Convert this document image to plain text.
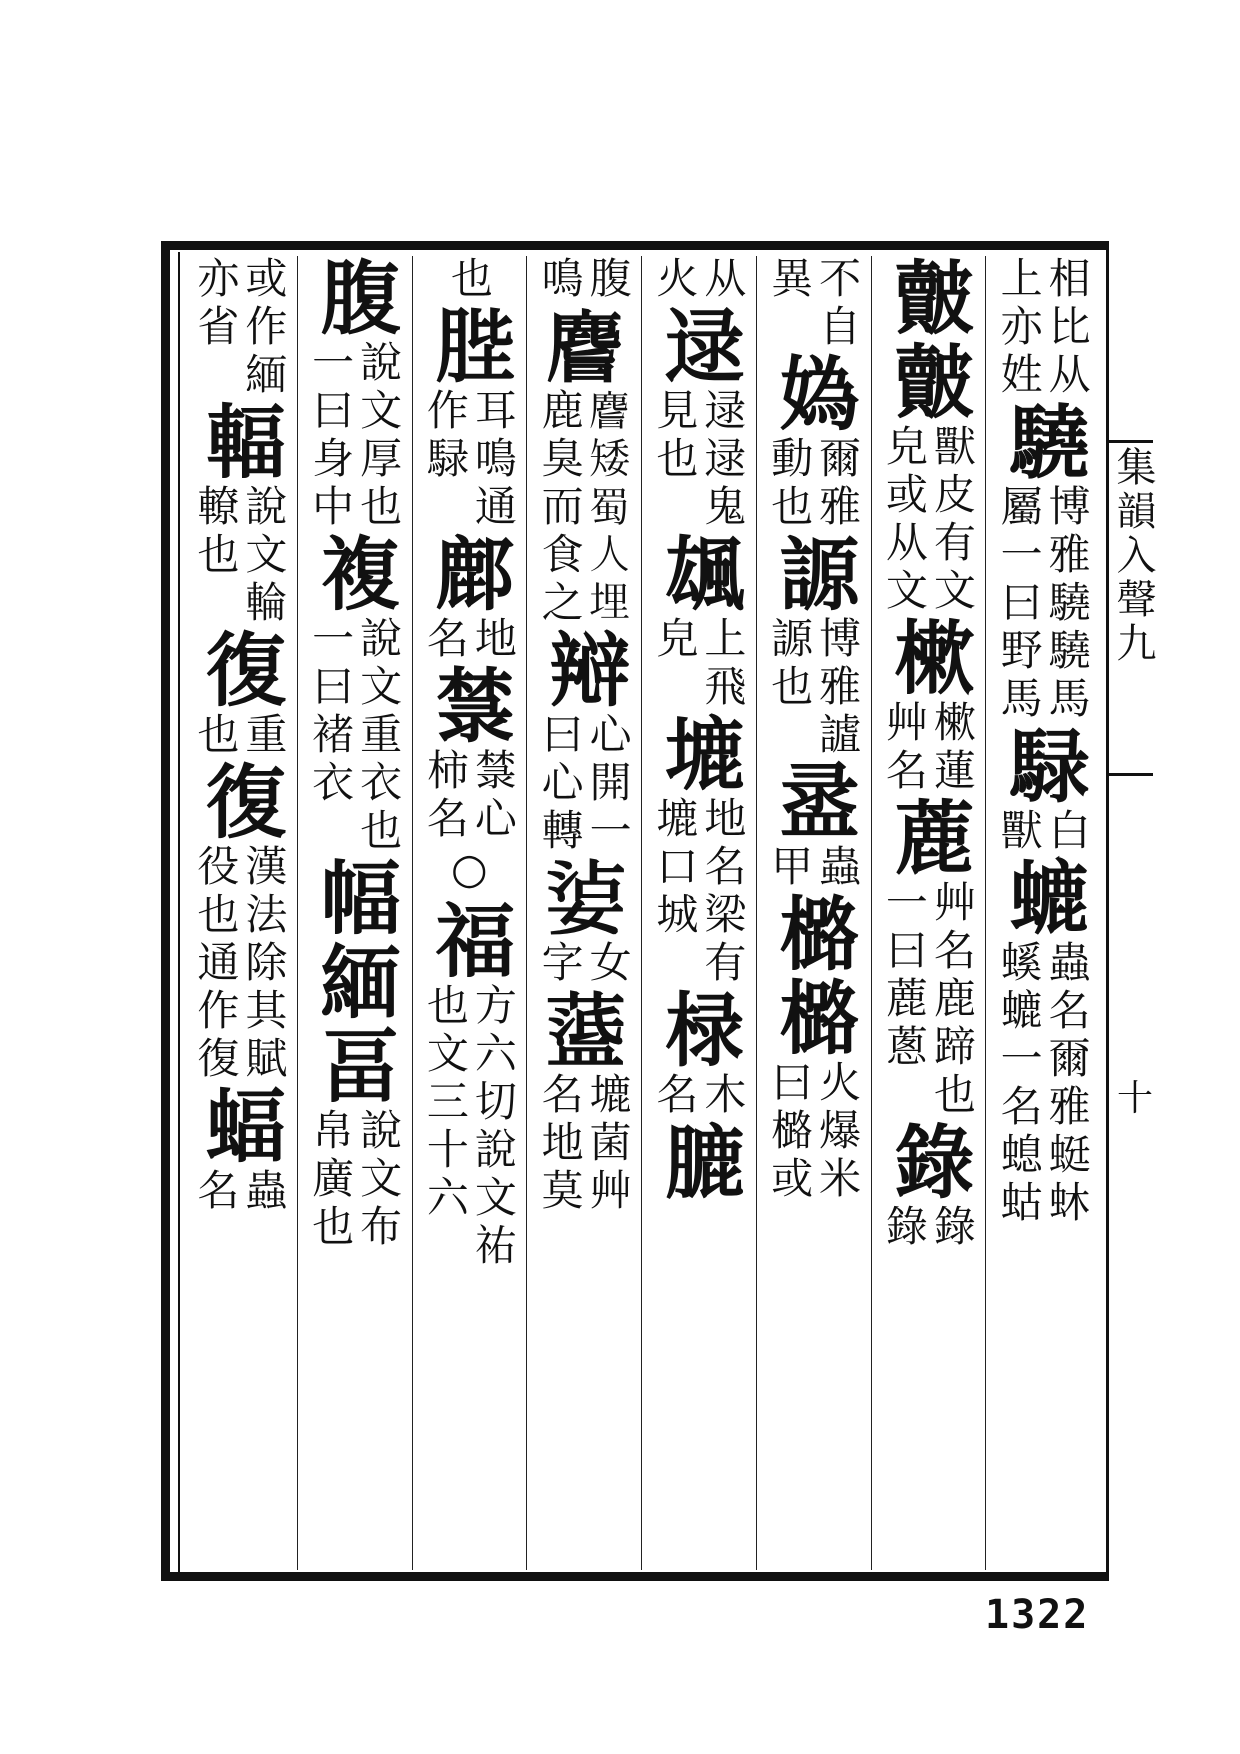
集韻入聲九
十
相比从
上亦姓
驍
博雅驍驍馬
屬一曰野馬
騄
白
獸
螰
蟲名爾雅蜓蚞
螇螰一名螅蛄
皾皾
獸皮有文
皃或从文
樕
樕蓮
艸名
蔍
艸名鹿蹄也
一曰蔍蔥
錄
錄
錄
不自
異
媯
爾雅
動也
謜
博雅謯
謜也
盝
蟲
甲
㯝㯝
火爆米
曰㯝或
从
火
逯
逯逯鬼
見也
䫺
上飛
皃
塶
地名梁有
塶口城
椂
木
名
膔
腹
鳴
𪊨
𪊨矮蜀人埋
鹿臭而食之
㦚
心開一
曰心轉
𡝫
女
字
𦽘
塶菌艸
名地莫
也
䏶
耳鳴通
作騄
鄜
地
名
㯟
㯟心
柿名
○
福
方六切說文祐
也文三十六
腹
說文厚也
一曰身中
複
說文重衣也
一曰褚衣
幅緬畐
說文布
帛廣也
或作緬
亦省
輻
說文輪
轑也
復
重
也
復
漢法除其賦
役也通作復
蝠
蟲
名
1322
